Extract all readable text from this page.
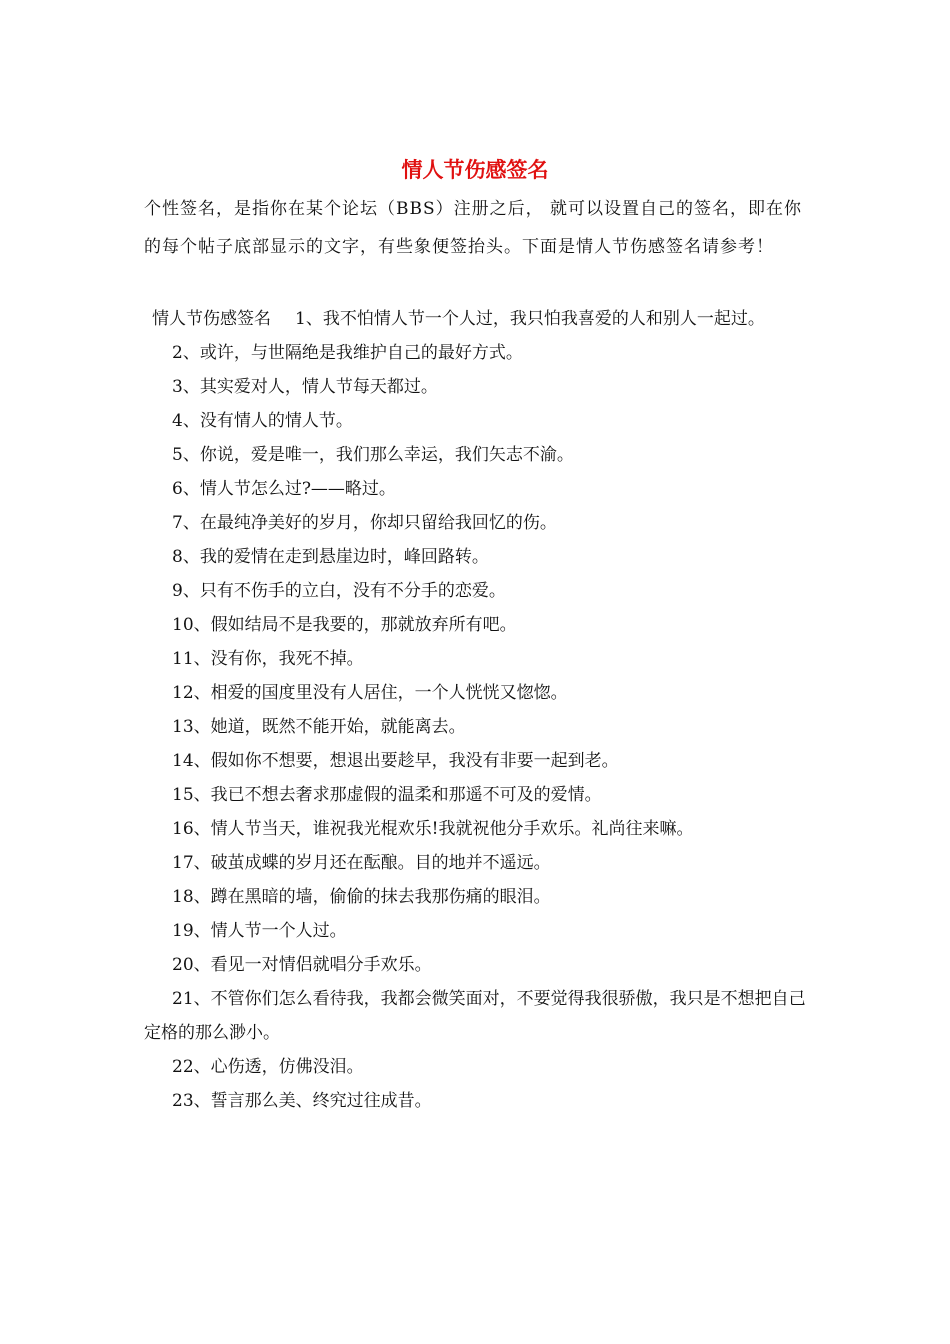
情人节伤感签名

个性签名，是指你在某个论坛（BBS）注册之后， 就可以设置自己的签名，即在你的每个帖子底部显示的文字，有些象便签抬头。下面是情人节伤感签名请参考！

情人节伤感签名 1、我不怕情人节一个人过，我只怕我喜爱的人和别人一起过。

2、或许，与世隔绝是我维护自己的最好方式。

3、其实爱对人，情人节每天都过。

4、没有情人的情人节。

5、你说，爱是唯一，我们那么幸运，我们矢志不渝。

6、情人节怎么过?——略过。

7、在最纯净美好的岁月，你却只留给我回忆的伤。

8、我的爱情在走到悬崖边时，峰回路转。

9、只有不伤手的立白，没有不分手的恋爱。

10、假如结局不是我要的，那就放弃所有吧。

11、没有你，我死不掉。

12、相爱的国度里没有人居住，一个人恍恍又惚惚。

13、她道，既然不能开始，就能离去。

14、假如你不想要，想退出要趁早，我没有非要一起到老。

15、我已不想去奢求那虚假的温柔和那遥不可及的爱情。

16、情人节当天，谁祝我光棍欢乐!我就祝他分手欢乐。礼尚往来嘛。

17、破茧成蝶的岁月还在酝酿。目的地并不遥远。

18、蹲在黑暗的墙，偷偷的抹去我那伤痛的眼泪。

19、情人节一个人过。

20、看见一对情侣就唱分手欢乐。

21、不管你们怎么看待我，我都会微笑面对，不要觉得我很骄傲，我只是不想把自己定格的那么渺小。

22、心伤透，仿佛没泪。

23、誓言那么美、终究过往成昔。
